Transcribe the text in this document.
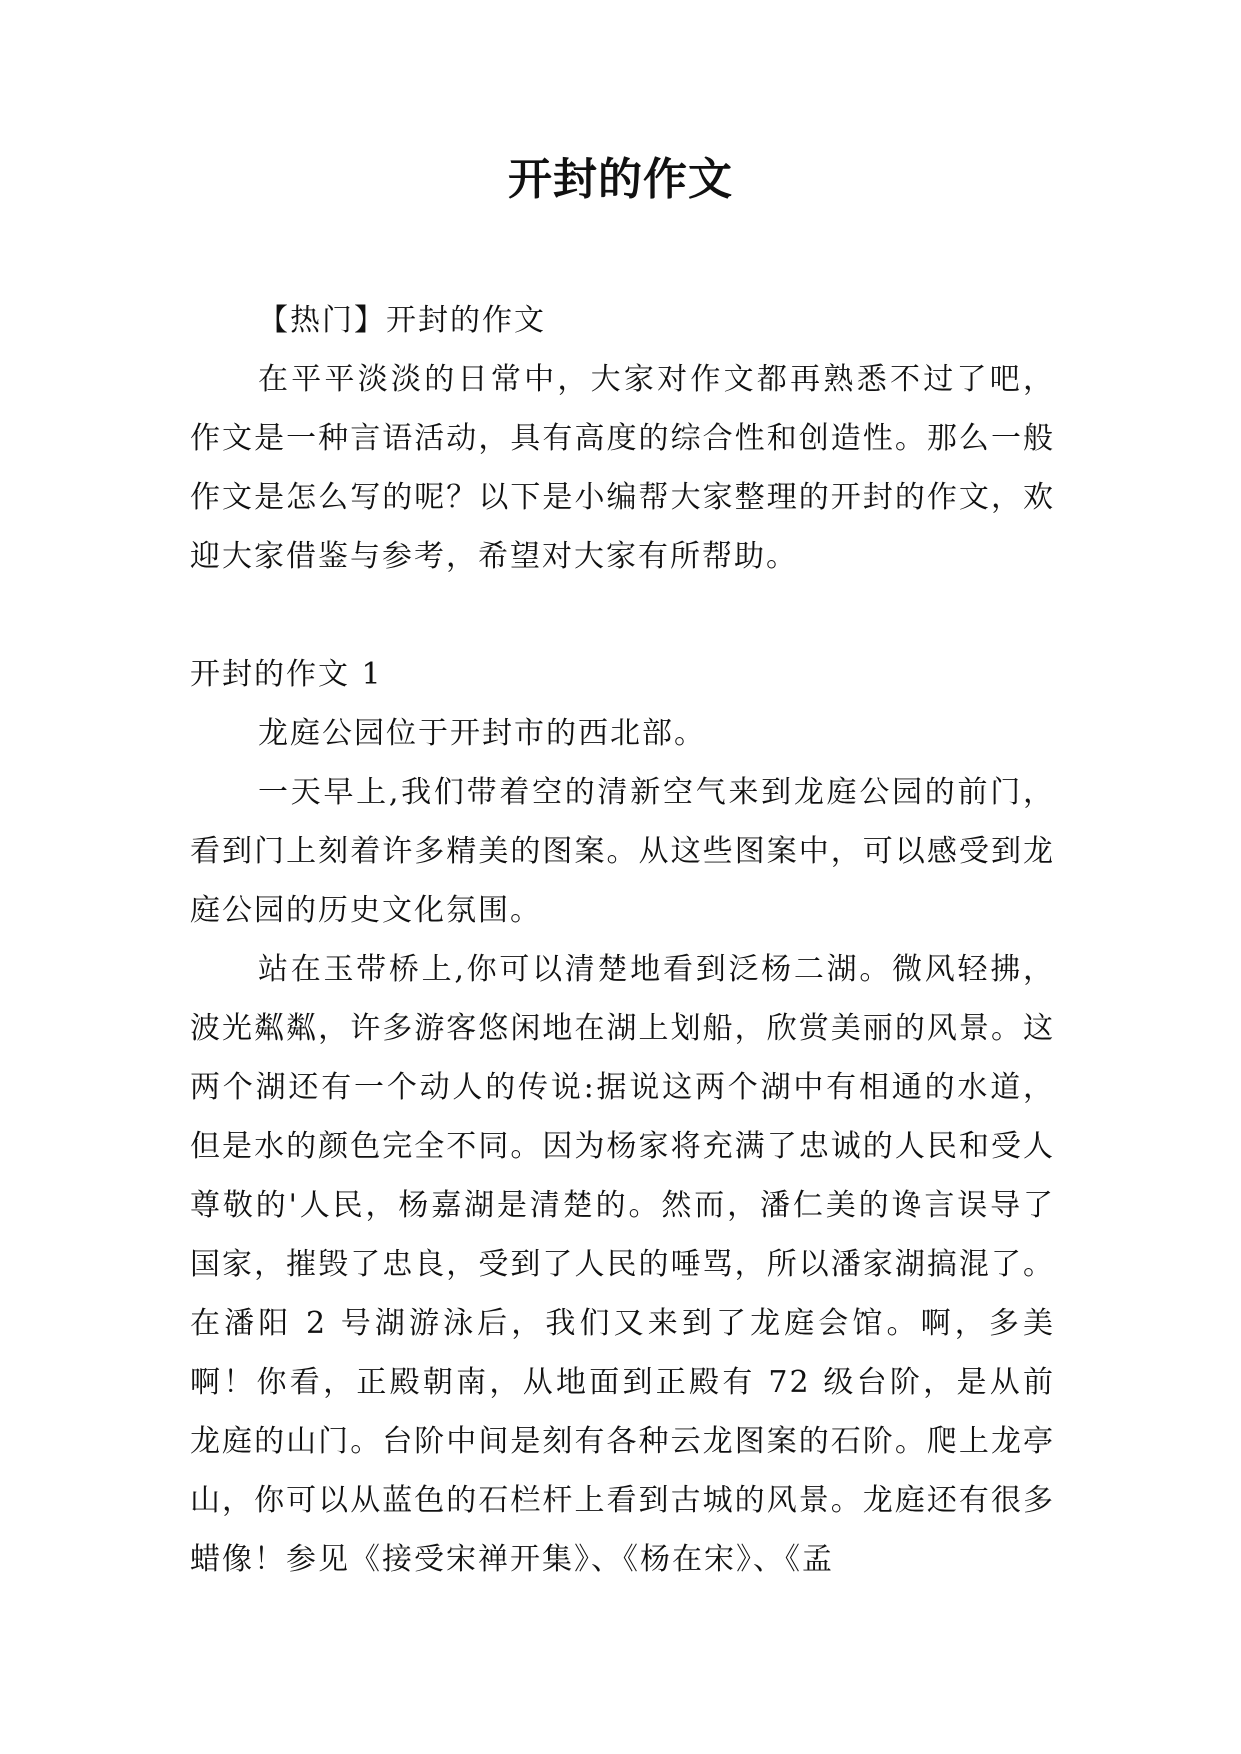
开封的作文

【热门】开封的作文

在平平淡淡的日常中，大家对作文都再熟悉不过了吧，作文是一种言语活动，具有高度的综合性和创造性。那么一般作文是怎么写的呢？以下是小编帮大家整理的开封的作文，欢迎大家借鉴与参考，希望对大家有所帮助。

开封的作文 1

龙庭公园位于开封市的西北部。

一天早上,我们带着空的清新空气来到龙庭公园的前门，看到门上刻着许多精美的图案。从这些图案中，可以感受到龙庭公园的历史文化氛围。

站在玉带桥上,你可以清楚地看到泛杨二湖。微风轻拂，波光粼粼，许多游客悠闲地在湖上划船，欣赏美丽的风景。这两个湖还有一个动人的传说:据说这两个湖中有相通的水道，但是水的颜色完全不同。因为杨家将充满了忠诚的人民和受人尊敬的'人民，杨嘉湖是清楚的。然而，潘仁美的谗言误导了国家，摧毁了忠良，受到了人民的唾骂，所以潘家湖搞混了。在潘阳 2 号湖游泳后，我们又来到了龙庭会馆。啊，多美啊！你看，正殿朝南，从地面到正殿有 72 级台阶，是从前龙庭的山门。台阶中间是刻有各种云龙图案的石阶。爬上龙亭山，你可以从蓝色的石栏杆上看到古城的风景。龙庭还有很多蜡像！参见《接受宋禅开集》、《杨在宋》、《孟
